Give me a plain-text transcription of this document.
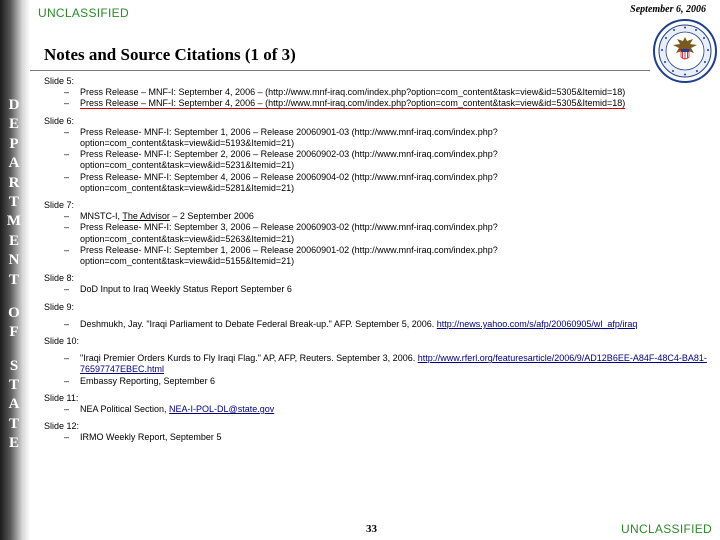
D
E
P
A
R
T
M
E
N
T
O
F
S
T
A
T
E
UNCLASSIFIED	September 6, 2006
Notes and Source Citations (1 of 3)
Slide 5:
– Press Release – MNF-I: September 4, 2006 – (http://www.mnf-iraq.com/index.php?option=com_content&task=view&id=5305&Itemid=18)
– Press Release – MNF-I: September 4, 2006 – (http://www.mnf-iraq.com/index.php?option=com_content&task=view&id=5305&Itemid=18)
Slide 6:
– Press Release- MNF-I: September 1, 2006 – Release 20060901-03 (http://www.mnf-iraq.com/index.php?option=com_content&task=view&id=5193&Itemid=21)
– Press Release- MNF-I: September 2, 2006 – Release 20060902-03 (http://www.mnf-iraq.com/index.php?option=com_content&task=view&id=5231&Itemid=21)
– Press Release- MNF-I: September 4, 2006 – Release 20060904-02 (http://www.mnf-iraq.com/index.php?option=com_content&task=view&id=5281&Itemid=21)
Slide 7:
– MNSTC-I, The Advisor – 2 September 2006
– Press Release- MNF-I: September 3, 2006 – Release 20060903-02 (http://www.mnf-iraq.com/index.php?option=com_content&task=view&id=5263&Itemid=21)
– Press Release- MNF-I: September 1, 2006 – Release 20060901-02 (http://www.mnf-iraq.com/index.php?option=com_content&task=view&id=5155&Itemid=21)
Slide 8:
– DoD Input to Iraq Weekly Status Report September 6
Slide 9:
– Deshmukh, Jay. "Iraqi Parliament to Debate Federal Break-up." AFP. September 5, 2006. http://news.yahoo.com/s/afp/20060905/wl_afp/iraq
Slide 10:
– "Iraqi Premier Orders Kurds to Fly Iraqi Flag." AP, AFP, Reuters. September 3, 2006. http://www.rferl.org/featuresarticle/2006/9/AD12B6EE-A84F-48C4-BA81-76597747EBEC.html
– Embassy Reporting, September 6
Slide 11:
– NEA Political Section, NEA-I-POL-DL@state.gov
Slide 12:
– IRMO Weekly Report, September 5
33	UNCLASSIFIED
